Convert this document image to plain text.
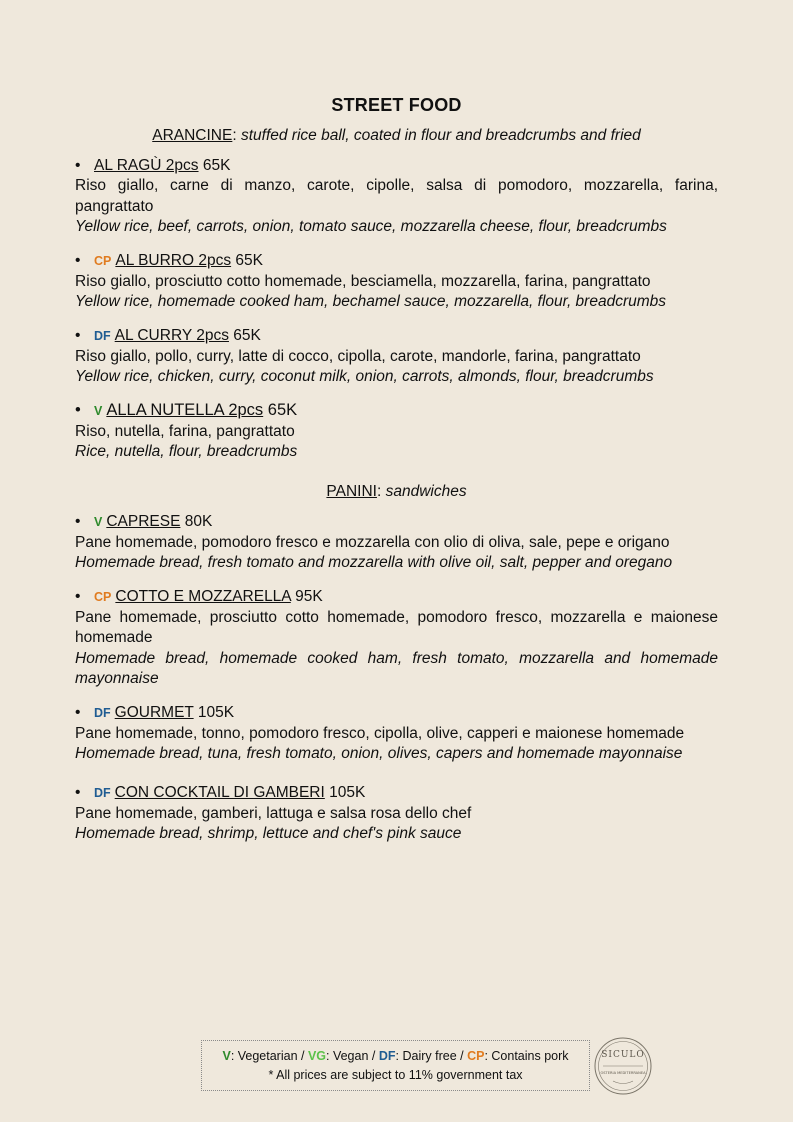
STREET FOOD
ARANCINE: stuffed rice ball, coated in flour and breadcrumbs and fried
• AL RAGÙ 2pcs 65K
Riso giallo, carne di manzo, carote, cipolle, salsa di pomodoro, mozzarella, farina, pangrattato
Yellow rice, beef, carrots, onion, tomato sauce, mozzarella cheese, flour, breadcrumbs
• CP AL BURRO 2pcs 65K
Riso giallo, prosciutto cotto homemade, besciamella, mozzarella, farina, pangrattato
Yellow rice, homemade cooked ham, bechamel sauce, mozzarella, flour, breadcrumbs
• DF AL CURRY 2pcs 65K
Riso giallo, pollo, curry, latte di cocco, cipolla, carote, mandorle, farina, pangrattato
Yellow rice, chicken, curry, coconut milk, onion, carrots, almonds, flour, breadcrumbs
• V ALLA NUTELLA 2pcs 65K
Riso, nutella, farina, pangrattato
Rice, nutella, flour, breadcrumbs
PANINI: sandwiches
• V CAPRESE 80K
Pane homemade, pomodoro fresco e mozzarella con olio di oliva, sale, pepe e origano
Homemade bread, fresh tomato and mozzarella with olive oil, salt, pepper and oregano
• CP COTTO E MOZZARELLA 95K
Pane homemade, prosciutto cotto homemade, pomodoro fresco, mozzarella e maionese homemade
Homemade bread, homemade cooked ham, fresh tomato, mozzarella and homemade mayonnaise
• DF GOURMET 105K
Pane homemade, tonno, pomodoro fresco, cipolla, olive, capperi e maionese homemade
Homemade bread, tuna, fresh tomato, onion, olives, capers and homemade mayonnaise
• DF CON COCKTAIL DI GAMBERI 105K
Pane homemade, gamberi, lattuga e salsa rosa dello chef
Homemade bread, shrimp, lettuce and chef's pink sauce
V: Vegetarian / VG: Vegan / DF: Dairy free / CP: Contains pork
* All prices are subject to 11% government tax
SICULO
OSTERIA MEDITERRANEA
